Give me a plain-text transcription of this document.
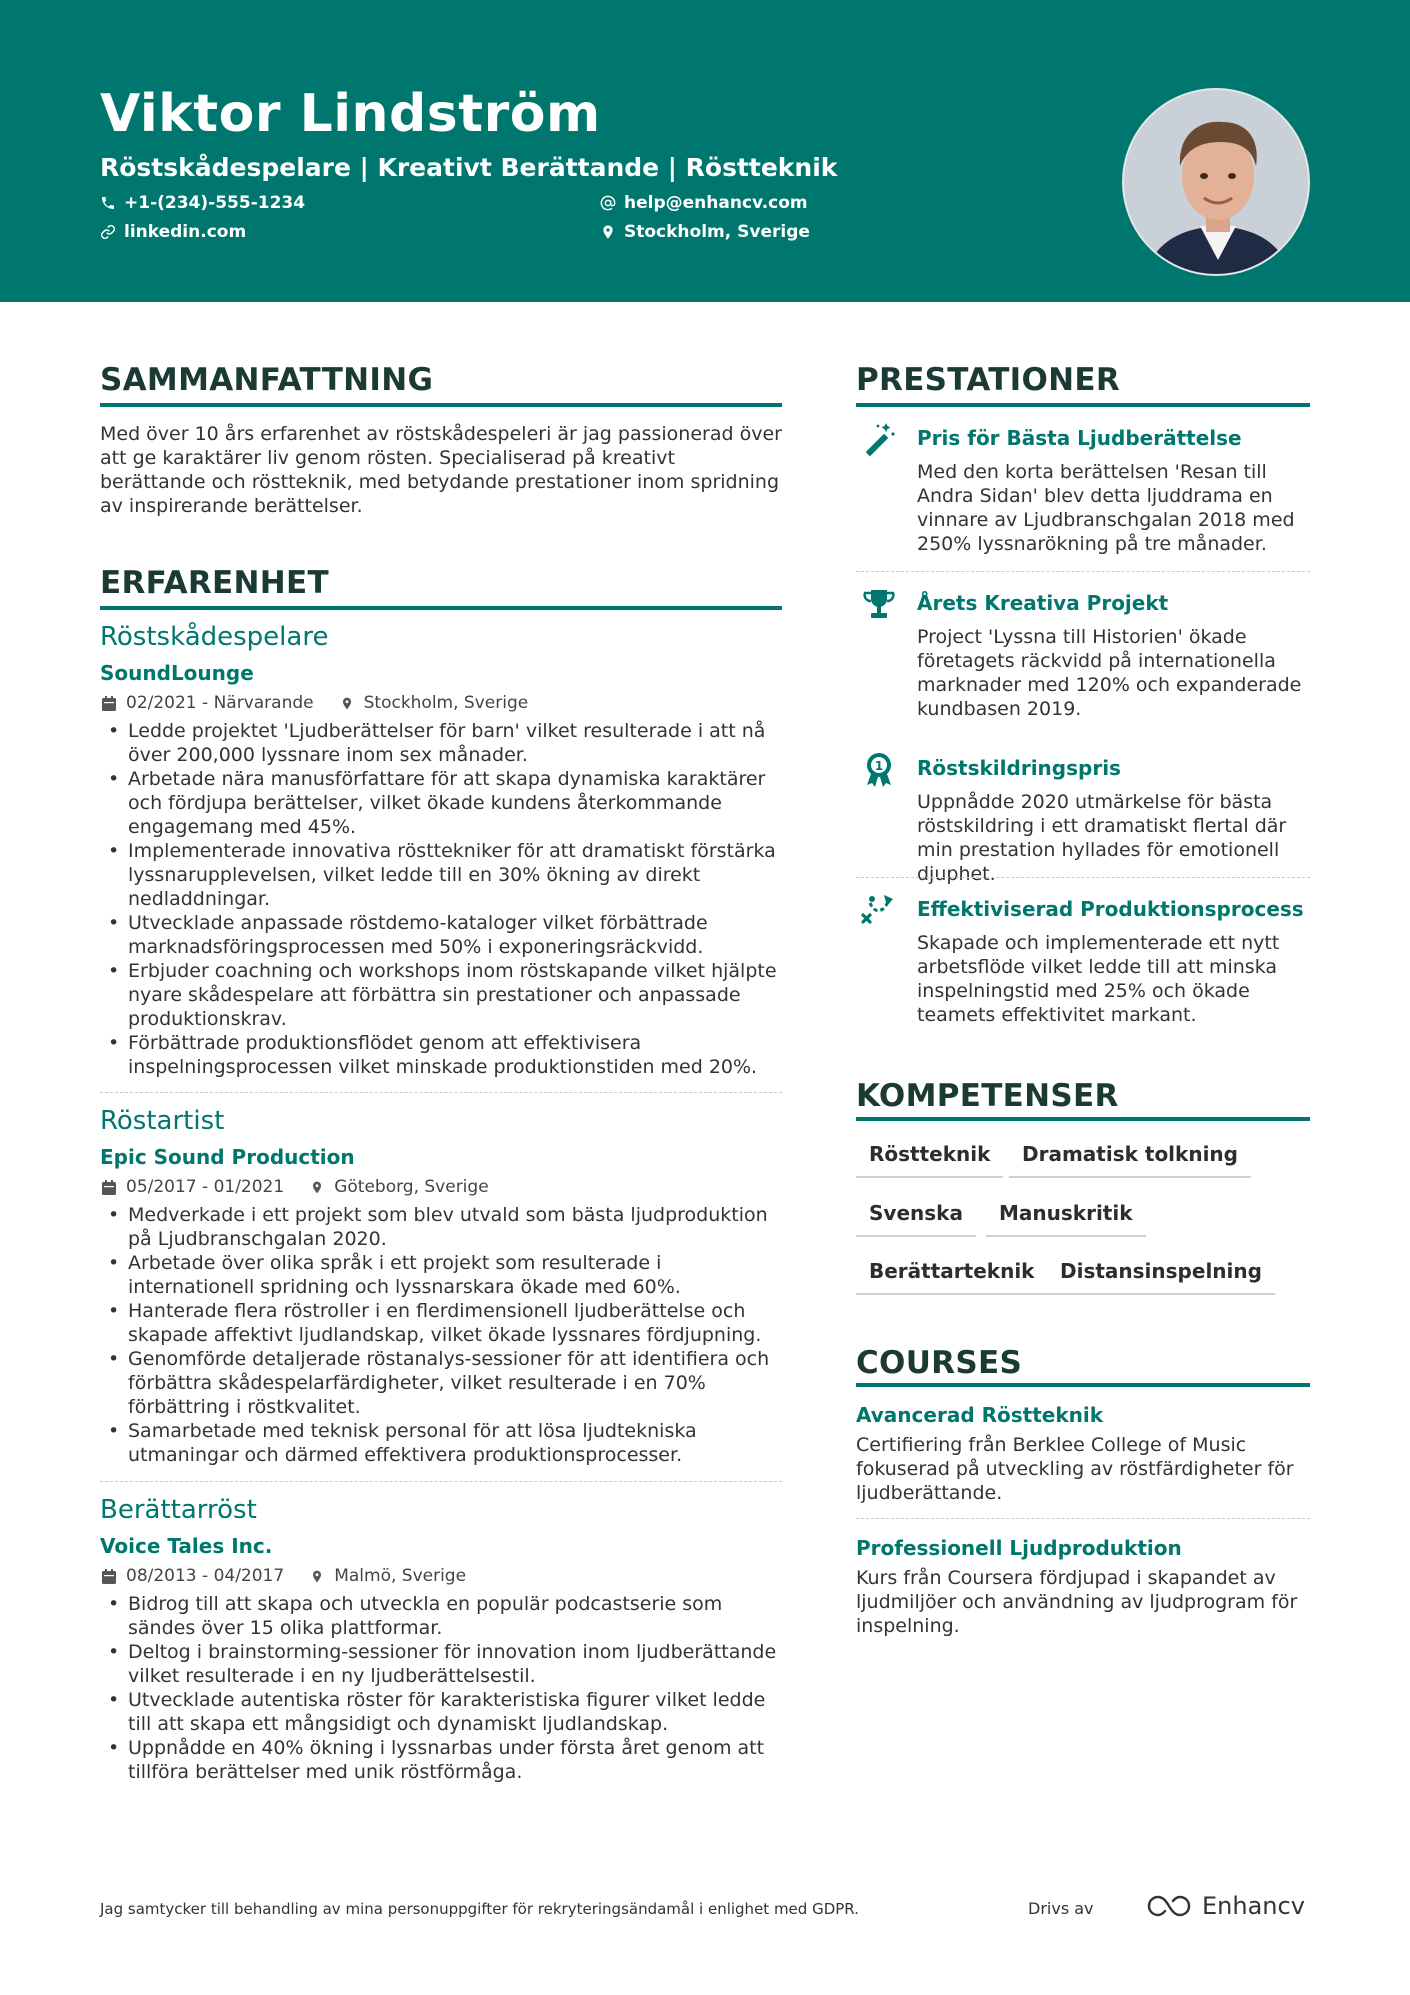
Viktor Lindström
Röstskådespelare | Kreativt Berättande | Röstteknik
+1-(234)-555-1234	help@enhancv.com
linkedin.com	Stockholm, Sverige
SAMMANFATTNING
Med över 10 års erfarenhet av röstskådespeleri är jag passionerad över att ge karaktärer liv genom rösten. Specialiserad på kreativt berättande och röstteknik, med betydande prestationer inom spridning av inspirerande berättelser.
ERFARENHET
Röstskådespelare
SoundLounge
02/2021 - Närvarande	Stockholm, Sverige
• Ledde projektet 'Ljudberättelser för barn' vilket resulterade i att nå över 200,000 lyssnare inom sex månader.
• Arbetade nära manusförfattare för att skapa dynamiska karaktärer och fördjupa berättelser, vilket ökade kundens återkommande engagemang med 45%.
• Implementerade innovativa rösttekniker för att dramatiskt förstärka lyssnarupplevelsen, vilket ledde till en 30% ökning av direkt nedladdningar.
• Utvecklade anpassade röstdemo-kataloger vilket förbättrade marknadsföringsprocessen med 50% i exponeringsräckvidd.
• Erbjuder coachning och workshops inom röstskapande vilket hjälpte nyare skådespelare att förbättra sin prestationer och anpassade produktionskrav.
• Förbättrade produktionsflödet genom att effektivisera inspelningsprocessen vilket minskade produktionstiden med 20%.
Röstartist
Epic Sound Production
05/2017 - 01/2021	Göteborg, Sverige
• Medverkade i ett projekt som blev utvald som bästa ljudproduktion på Ljudbranschgalan 2020.
• Arbetade över olika språk i ett projekt som resulterade i internationell spridning och lyssnarskara ökade med 60%.
• Hanterade flera röstroller i en flerdimensionell ljudberättelse och skapade affektivt ljudlandskap, vilket ökade lyssnares fördjupning.
• Genomförde detaljerade röstanalys-sessioner för att identifiera och förbättra skådespelarfärdigheter, vilket resulterade i en 70% förbättring i röstkvalitet.
• Samarbetade med teknisk personal för att lösa ljudtekniska utmaningar och därmed effektivera produktionsprocesser.
Berättarröst
Voice Tales Inc.
08/2013 - 04/2017	Malmö, Sverige
• Bidrog till att skapa och utveckla en populär podcastserie som sändes över 15 olika plattformar.
• Deltog i brainstorming-sessioner för innovation inom ljudberättande vilket resulterade i en ny ljudberättelsestil.
• Utvecklade autentiska röster för karakteristiska figurer vilket ledde till att skapa ett mångsidigt och dynamiskt ljudlandskap.
• Uppnådde en 40% ökning i lyssnarbas under första året genom att tillföra berättelser med unik röstförmåga.
PRESTATIONER
Pris för Bästa Ljudberättelse
Med den korta berättelsen 'Resan till Andra Sidan' blev detta ljuddrama en vinnare av Ljudbranschgalan 2018 med 250% lyssnarökning på tre månader.
Årets Kreativa Projekt
Project 'Lyssna till Historien' ökade företagets räckvidd på internationella marknader med 120% och expanderade kundbasen 2019.
1 Röstskildringspris
Uppnådde 2020 utmärkelse för bästa röstskildring i ett dramatiskt flertal där min prestation hyllades för emotionell djuphet.
Effektiviserad Produktionsprocess
Skapade och implementerade ett nytt arbetsflöde vilket ledde till att minska inspelningstid med 25% och ökade teamets effektivitet markant.
KOMPETENSER
Röstteknik	Dramatisk tolkning
Svenska	Manuskritik
Berättarteknik	Distansinspelning
COURSES
Avancerad Röstteknik
Certifiering från Berklee College of Music fokuserad på utveckling av röstfärdigheter för ljudberättande.
Professionell Ljudproduktion
Kurs från Coursera fördjupad i skapandet av ljudmiljöer och användning av ljudprogram för inspelning.
Jag samtycker till behandling av mina personuppgifter för rekryteringsändamål i enlighet med GDPR.	Drivs av	Enhancv
